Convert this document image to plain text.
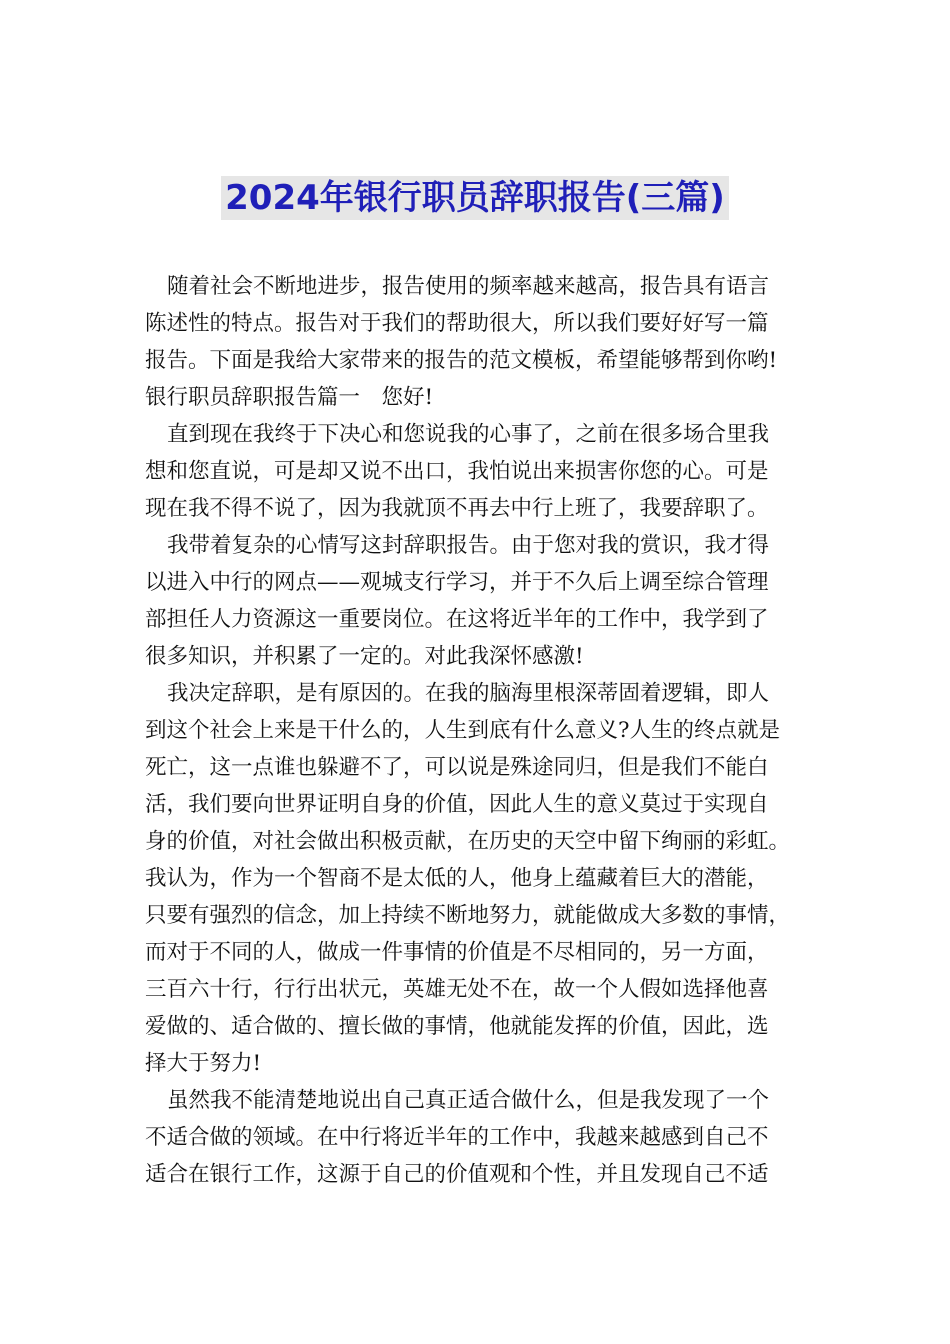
2024年银行职员辞职报告(三篇)
随着社会不断地进步，报告使用的频率越来越高，报告具有语言
陈述性的特点。报告对于我们的帮助很大，所以我们要好好写一篇
报告。下面是我给大家带来的报告的范文模板，希望能够帮到你哟!
银行职员辞职报告篇一　您好!
直到现在我终于下决心和您说我的心事了，之前在很多场合里我
想和您直说，可是却又说不出口，我怕说出来损害你您的心。可是
现在我不得不说了，因为我就顶不再去中行上班了，我要辞职了。
我带着复杂的心情写这封辞职报告。由于您对我的赏识，我才得
以进入中行的网点——观城支行学习，并于不久后上调至综合管理
部担任人力资源这一重要岗位。在这将近半年的工作中，我学到了
很多知识，并积累了一定的。对此我深怀感激!
我决定辞职，是有原因的。在我的脑海里根深蒂固着逻辑，即人
到这个社会上来是干什么的，人生到底有什么意义?人生的终点就是
死亡，这一点谁也躲避不了，可以说是殊途同归，但是我们不能白
活，我们要向世界证明自身的价值，因此人生的意义莫过于实现自
身的价值，对社会做出积极贡献，在历史的天空中留下绚丽的彩虹。
我认为，作为一个智商不是太低的人，他身上蕴藏着巨大的潜能，
只要有强烈的信念，加上持续不断地努力，就能做成大多数的事情，
而对于不同的人，做成一件事情的价值是不尽相同的，另一方面，
三百六十行，行行出状元，英雄无处不在，故一个人假如选择他喜
爱做的、适合做的、擅长做的事情，他就能发挥的价值，因此，选
择大于努力!
虽然我不能清楚地说出自己真正适合做什么，但是我发现了一个
不适合做的领域。在中行将近半年的工作中，我越来越感到自己不
适合在银行工作，这源于自己的价值观和个性，并且发现自己不适
